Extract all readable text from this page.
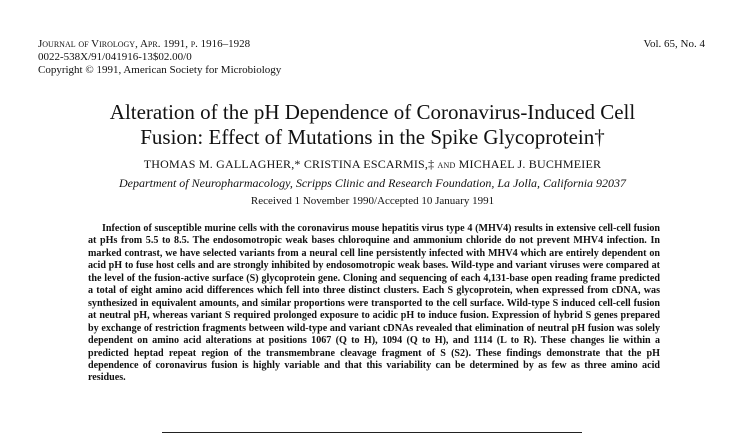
Journal of Virology, Apr. 1991, p. 1916–1928
0022-538X/91/041916-13$02.00/0
Copyright © 1991, American Society for Microbiology
Vol. 65, No. 4
Alteration of the pH Dependence of Coronavirus-Induced Cell
Fusion: Effect of Mutations in the Spike Glycoprotein†
THOMAS M. GALLAGHER,* CRISTINA ESCARMIS,‡ and MICHAEL J. BUCHMEIER
Department of Neuropharmacology, Scripps Clinic and Research Foundation, La Jolla, California 92037
Received 1 November 1990/Accepted 10 January 1991
Infection of susceptible murine cells with the coronavirus mouse hepatitis virus type 4 (MHV4) results in extensive cell-cell fusion at pHs from 5.5 to 8.5. The endosomotropic weak bases chloroquine and ammonium chloride do not prevent MHV4 infection. In marked contrast, we have selected variants from a neural cell line persistently infected with MHV4 which are entirely dependent on acid pH to fuse host cells and are strongly inhibited by endosomotropic weak bases. Wild-type and variant viruses were compared at the level of the fusion-active surface (S) glycoprotein gene. Cloning and sequencing of each 4,131-base open reading frame predicted a total of eight amino acid differences which fell into three distinct clusters. Each S glycoprotein, when expressed from cDNA, was synthesized in equivalent amounts, and similar proportions were transported to the cell surface. Wild-type S induced cell-cell fusion at neutral pH, whereas variant S required prolonged exposure to acidic pH to induce fusion. Expression of hybrid S genes prepared by exchange of restriction fragments between wild-type and variant cDNAs revealed that elimination of neutral pH fusion was solely dependent on amino acid alterations at positions 1067 (Q to H), 1094 (Q to H), and 1114 (L to R). These changes lie within a predicted heptad repeat region of the transmembrane cleavage fragment of S (S2). These findings demonstrate that the pH dependence of coronavirus fusion is highly variable and that this variability can be determined by as few as three amino acid residues.
